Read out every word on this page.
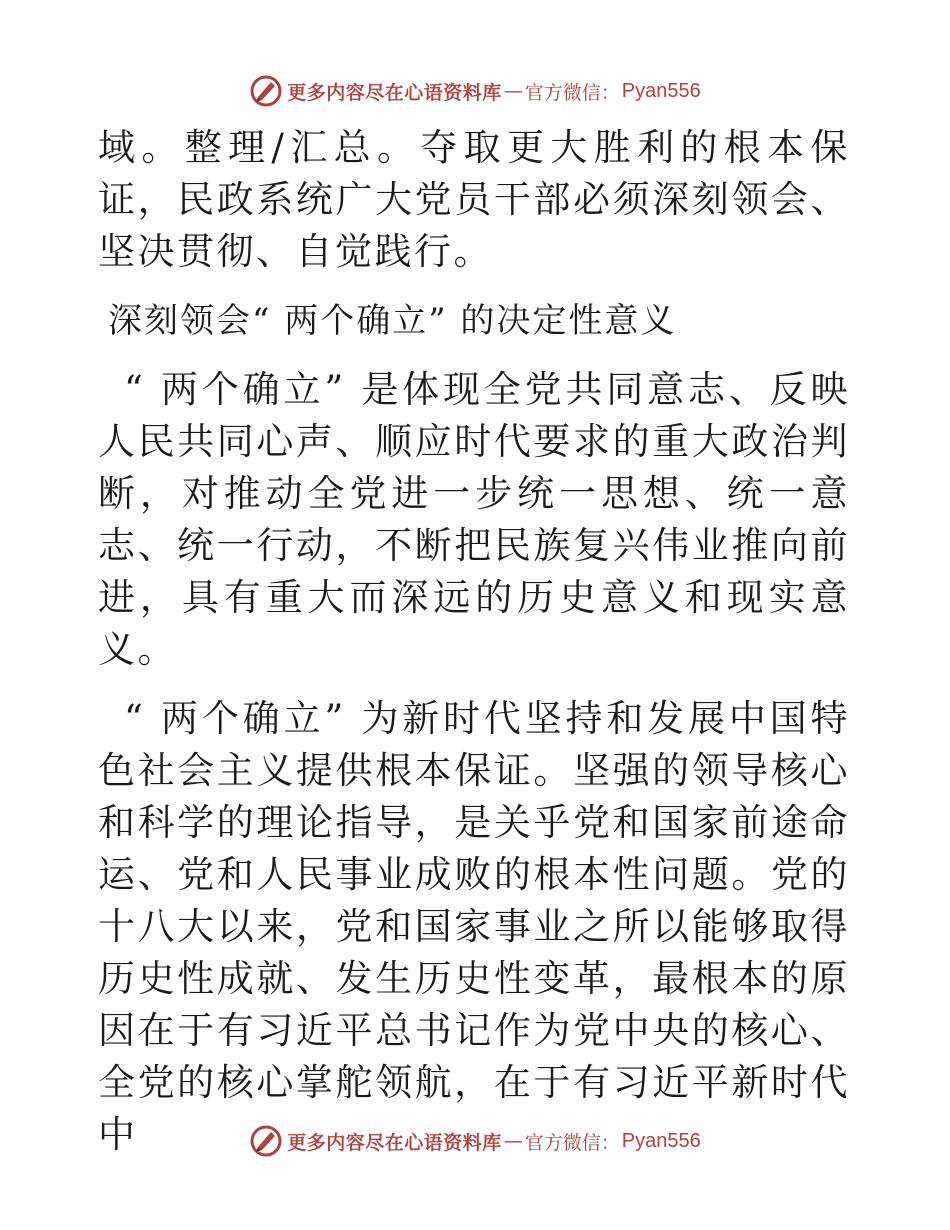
更多内容尽在心语资料库 — 官方微信： Pyan556

域。整理/汇总。夺取更大胜利的根本保证，民政系统广大党员干部必须深刻领会、坚决贯彻、自觉践行。

深刻领会“ 两个确立” 的决定性意义

“ 两个确立” 是体现全党共同意志、反映人民共同心声、顺应时代要求的重大政治判断，对推动全党进一步统一思想、统一意志、统一行动，不断把民族复兴伟业推向前进，具有重大而深远的历史意义和现实意义。

“ 两个确立” 为新时代坚持和发展中国特色社会主义提供根本保证。坚强的领导核心和科学的理论指导，是关乎党和国家前途命运、党和人民事业成败的根本性问题。党的十八大以来，党和国家事业之所以能够取得历史性成就、发生历史性变革，最根本的原因在于有习近平总书记作为党中央的核心、全党的核心掌舵领航，在于有习近平新时代中	更多内容尽在心语资料库 — 官方微信： Pyan556
